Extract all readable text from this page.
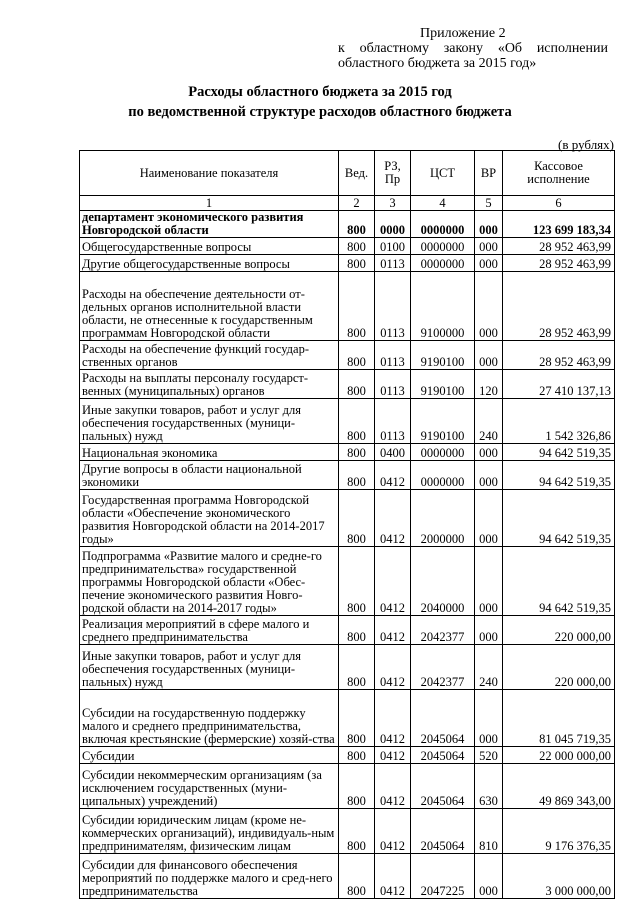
Приложение 2
к областному закону «Об исполнении
областного бюджета за 2015 год»
Расходы областного бюджета за 2015 год
по ведомственной структуре расходов областного бюджета
(в рублях)
Наименование показателя	Вед.	РЗ, Пр	ЦСТ	ВР	Кассовое исполнение
1	2	3	4	5	6
департамент экономического развития Новгородской области	800	0000	0000000	000	123 699 183,34
Общегосударственные вопросы	800	0100	0000000	000	28 952 463,99
Другие общегосударственные вопросы	800	0113	0000000	000	28 952 463,99
Расходы на обеспечение деятельности от-дельных органов исполнительной власти области, не отнесенные к государственным программам Новгородской области	800	0113	9100000	000	28 952 463,99
Расходы на обеспечение функций государ-ственных органов	800	0113	9190100	000	28 952 463,99
Расходы на выплаты персоналу государст-венных (муниципальных) органов	800	0113	9190100	120	27 410 137,13
Иные закупки товаров, работ и услуг для обеспечения государственных (муници-пальных) нужд	800	0113	9190100	240	1 542 326,86
Национальная экономика	800	0400	0000000	000	94 642 519,35
Другие вопросы в области национальной экономики	800	0412	0000000	000	94 642 519,35
Государственная программа Новгородской области «Обеспечение экономического развития Новгородской области на 2014-2017 годы»	800	0412	2000000	000	94 642 519,35
Подпрограмма «Развитие малого и средне-го предпринимательства» государственной программы Новгородской области «Обес-печение экономического развития Новго-родской области на 2014-2017 годы»	800	0412	2040000	000	94 642 519,35
Реализация мероприятий в сфере малого и среднего предпринимательства	800	0412	2042377	000	220 000,00
Иные закупки товаров, работ и услуг для обеспечения государственных (муници-пальных) нужд	800	0412	2042377	240	220 000,00
Субсидии на государственную поддержку малого и среднего предпринимательства, включая крестьянские (фермерские) хозяй-ства	800	0412	2045064	000	81 045 719,35
Субсидии	800	0412	2045064	520	22 000 000,00
Субсидии некоммерческим организациям (за исключением государственных (муни-ципальных) учреждений)	800	0412	2045064	630	49 869 343,00
Субсидии юридическим лицам (кроме не-коммерческих организаций), индивидуаль-ным предпринимателям, физическим лицам	800	0412	2045064	810	9 176 376,35
Субсидии для финансового обеспечения мероприятий по поддержке малого и сред-него предпринимательства	800	0412	2047225	000	3 000 000,00
